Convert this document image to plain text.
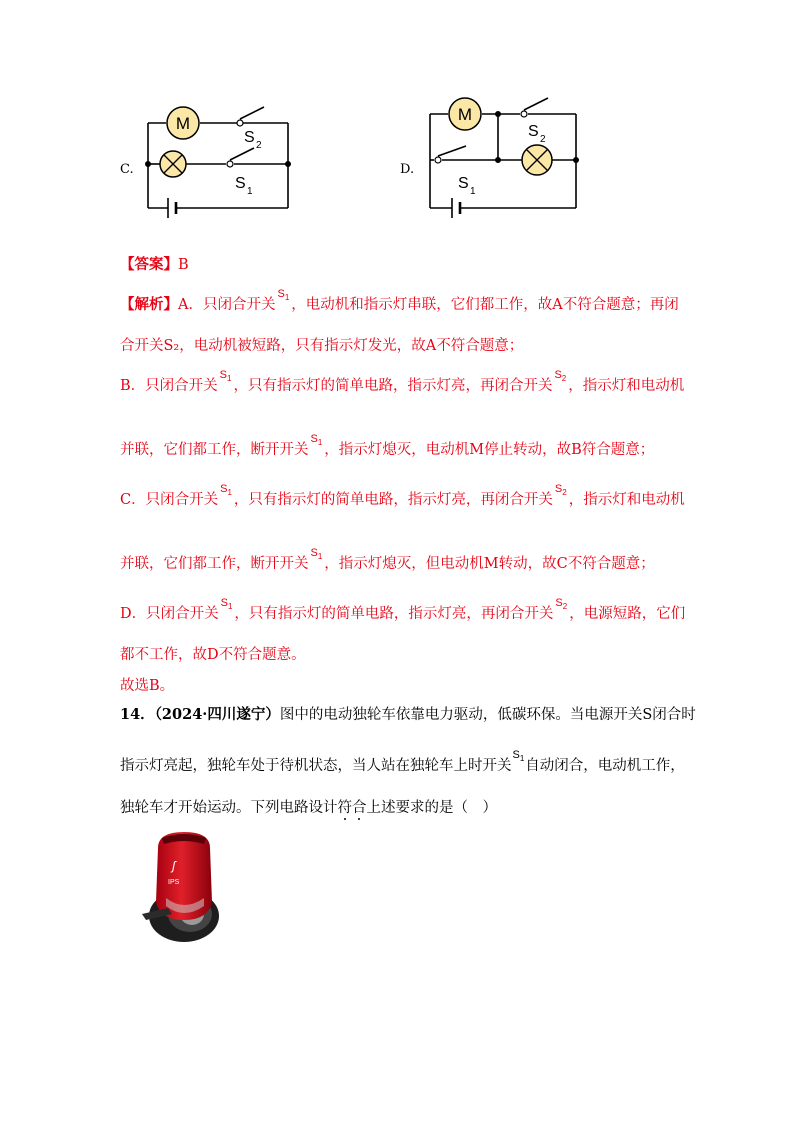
C.
M
S 2
S 1
D.
M
S 2
S 1
【答案】B
【解析】A．只闭合开关$^{S_1}$ ，电动机和指示灯串联，它们都工作，故A不符合题意；再闭
合开关S₂，电动机被短路，只有指示灯发光，故A不符合题意；
B．只闭合开关$^{S_1}$ ，只有指示灯的简单电路，指示灯亮，再闭合开关$^{S_2}$ ，指示灯和电动机
并联，它们都工作，断开开关$^{S_1}$ ，指示灯熄灭，电动机M停止转动，故B符合题意；
C．只闭合开关$^{S_1}$ ，只有指示灯的简单电路，指示灯亮，再闭合开关$^{S_2}$ ，指示灯和电动机
并联，它们都工作，断开开关$^{S_1}$ ，指示灯熄灭，但电动机M转动，故C不符合题意；
D．只闭合开关$^{S_1}$ ，只有指示灯的简单电路，指示灯亮，再闭合开关$^{S_2}$ ，电源短路，它们
都不工作，故D不符合题意。
故选B。
14．（2024·四川遂宁）图中的电动独轮车依靠电力驱动，低碳环保。当电源开关S闭合时
指示灯亮起，独轮车处于待机状态，当人站在独轮车上时开关$^{S_1}$自动闭合，电动机工作，
独轮车才开始运动。下列电路设计符合上述要求的是（　）
ʃ
IPS
